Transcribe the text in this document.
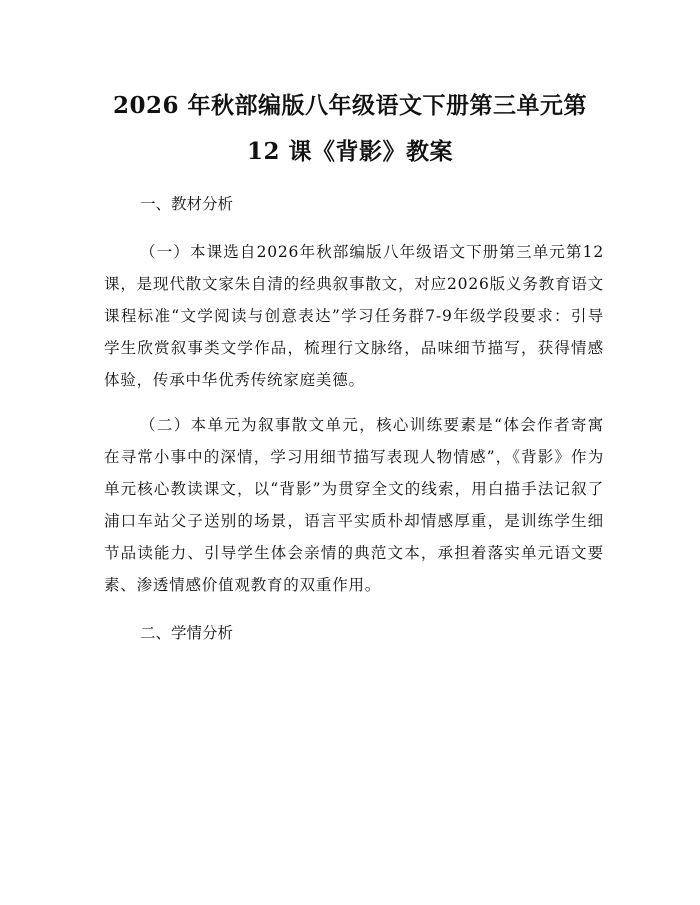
2026 年秋部编版八年级语文下册第三单元第
12 课《背影》教案

一、教材分析

（一）本课选自2026年秋部编版八年级语文下册第三单元第12课，是现代散文家朱自清的经典叙事散文，对应2026版义务教育语文课程标准“文学阅读与创意表达”学习任务群7-9年级学段要求：引导学生欣赏叙事类文学作品，梳理行文脉络，品味细节描写，获得情感体验，传承中华优秀传统家庭美德。

（二）本单元为叙事散文单元，核心训练要素是“体会作者寄寓在寻常小事中的深情，学习用细节描写表现人物情感”，《背影》作为单元核心教读课文，以“背影”为贯穿全文的线索，用白描手法记叙了浦口车站父子送别的场景，语言平实质朴却情感厚重，是训练学生细节品读能力、引导学生体会亲情的典范文本，承担着落实单元语文要素、渗透情感价值观教育的双重作用。

二、学情分析
